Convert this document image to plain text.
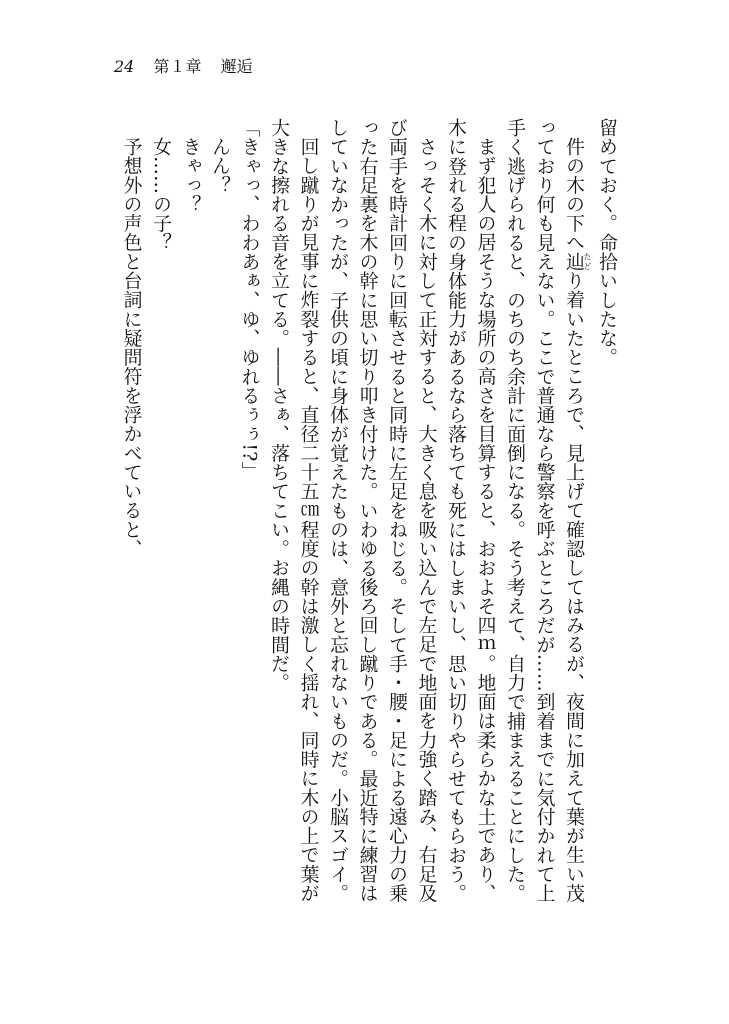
24 第１章 邂逅

留めておく。命拾いしたな。

件の木の下へ辿 たどり着いたところで、見上げて確認してはみるが、夜間に加えて葉が生い茂っており何も見えない。ここで普通なら警察を呼ぶところだが……到着までに気付かれて上手く逃げられると、のちのち余計に面倒になる。そう考えて、自力で捕まえることにした。

まず犯人の居そうな場所の高さを目算すると、おおよそ四ｍ。地面は柔らかな土であり、木に登れる程の身体能力があるなら落ちても死にはしまいし、思い切りやらせてもらおう。

さっそく木に対して正対すると、大きく息を吸い込んで左足で地面を力強く踏み、右足及び両手を時計回りに回転させると同時に左足をねじる。そして手・腰・足による遠心力の乗った右足裏を木の幹に思い切り叩き付けた。いわゆる後ろ回し蹴りである。最近特に練習はしていなかったが、子供の頃に身体が覚えたものは、意外と忘れないものだ。小脳スゴイ。

回し蹴りが見事に炸裂すると、直径二十五㎝程度の幹は激しく揺れ、同時に木の上で葉が大きな擦れる音を立てる。――さぁ、落ちてこい。お縄の時間だ。

「きゃっ、わわあぁ、ゆ、ゆれるぅぅ!?」

んん？

きゃっ？

女……の子？

予想外の声色と台詞に疑問符を浮かべていると、
